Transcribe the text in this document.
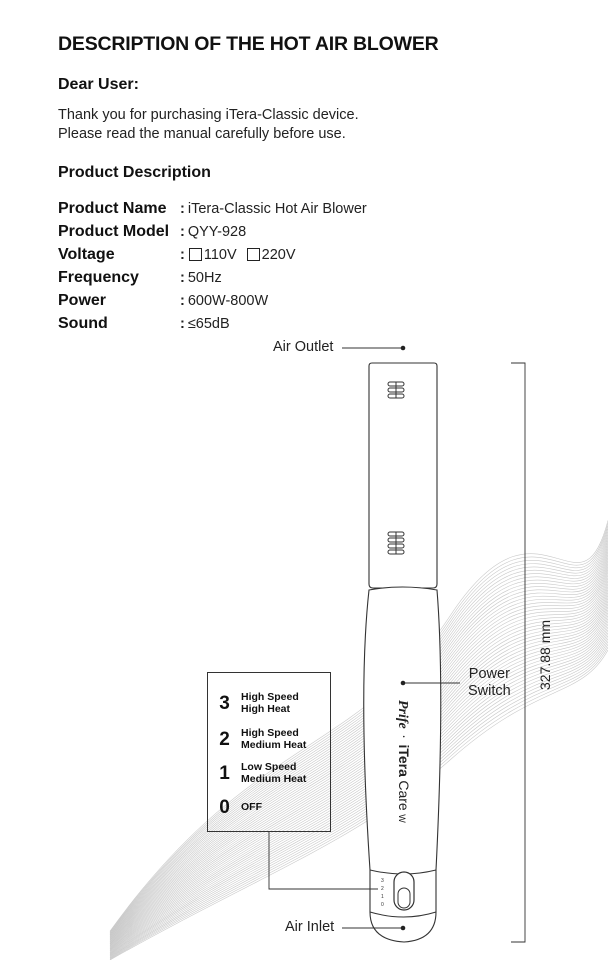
DESCRIPTION OF THE HOT AIR BLOWER
Dear User:
Thank you for purchasing iTera-Classic device.
Please read the manual carefully before use.
Product Description
Product Name : iTera-Classic Hot Air Blower
Product Model : QYY-928
Voltage	: 110V 220V
Frequency	: 50Hz
Power	: 600W-800W
Sound	: ≤65dB
3
2
1
0
Prife · iTera Care W
Air Outlet
Power
Switch
Air Inlet
327.88 mm
3	High Speed
High Heat
2	High Speed
Medium Heat
1	Low Speed
Medium Heat
0	OFF
